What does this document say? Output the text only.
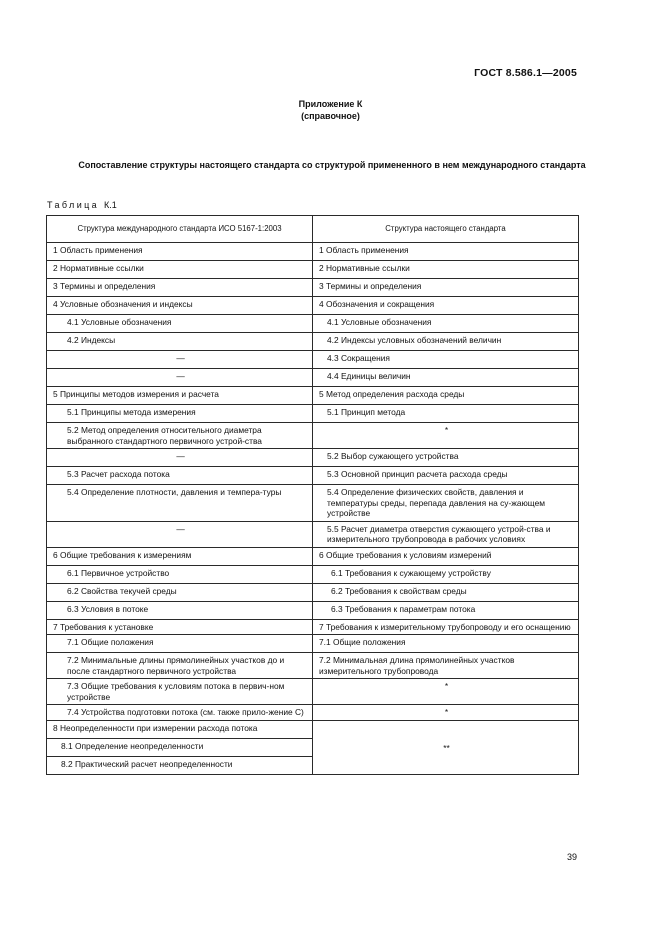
ГОСТ 8.586.1—2005
Приложение К
(справочное)
Сопоставление структуры настоящего стандарта со структурой примененного в нем международного стандарта
Таблица К.1
Структура международного стандарта ИСО 5167-1:2003	Структура настоящего стандарта
1 Область применения	1 Область применения
2 Нормативные ссылки	2 Нормативные ссылки
3 Термины и определения	3 Термины и определения
4 Условные обозначения и индексы	4 Обозначения и сокращения
4.1 Условные обозначения	4.1 Условные обозначения
4.2 Индексы	4.2 Индексы условных обозначений величин
—	4.3 Сокращения
—	4.4 Единицы величин
5 Принципы методов измерения и расчета	5 Метод определения расхода среды
5.1 Принципы метода измерения	5.1 Принцип метода
5.2 Метод определения относительного диаметра выбранного стандартного первичного устрой-ства	*
—	5.2 Выбор сужающего устройства
5.3 Расчет расхода потока	5.3 Основной принцип расчета расхода среды
5.4 Определение плотности, давления и темпера-туры	5.4 Определение физических свойств, давления и температуры среды, перепада давления на су-жающем устройстве
—	5.5 Расчет диаметра отверстия сужающего устрой-ства и измерительного трубопровода в рабочих условиях
6 Общие требования к измерениям	6 Общие требования к условиям измерений
6.1 Первичное устройство	6.1 Требования к сужающему устройству
6.2 Свойства текучей среды	6.2 Требования к свойствам среды
6.3 Условия в потоке	6.3 Требования к параметрам потока
7 Требования к установке	7 Требования к измерительному трубопроводу и его оснащению
7.1 Общие положения	7.1 Общие положения
7.2 Минимальные длины прямолинейных участков до и после стандартного первичного устройства	7.2 Минимальная длина прямолинейных участков измерительного трубопровода
7.3 Общие требования к условиям потока в первич-ном устройстве	*
7.4 Устройства подготовки потока (см. также прило-жение С)	*
8 Неопределенности при измерении расхода потока	**
8.1 Определение неопределенности	
8.2 Практический расчет неопределенности	
39
